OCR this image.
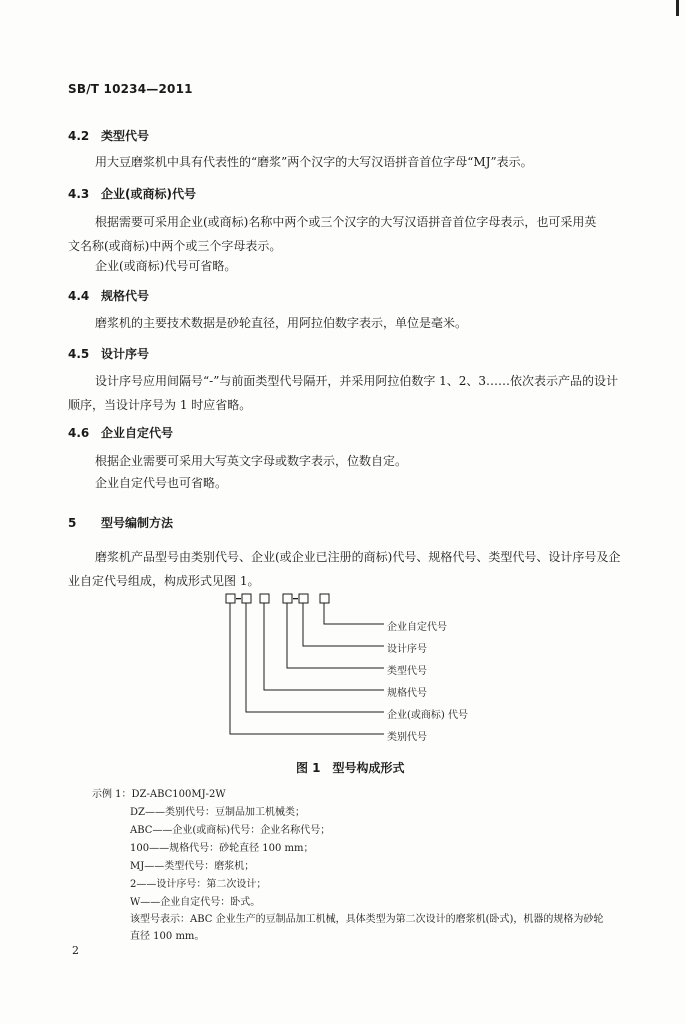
SB/T 10234—2011
4.2 类型代号
用大豆磨浆机中具有代表性的“磨浆”两个汉字的大写汉语拼音首位字母“MJ”表示。
4.3 企业(或商标)代号
根据需要可采用企业(或商标)名称中两个或三个汉字的大写汉语拼音首位字母表示，也可采用英
文名称(或商标)中两个或三个字母表示。
企业(或商标)代号可省略。
4.4 规格代号
磨浆机的主要技术数据是砂轮直径，用阿拉伯数字表示，单位是毫米。
4.5 设计序号
设计序号应用间隔号“-”与前面类型代号隔开，并采用阿拉伯数字 1、2、3……依次表示产品的设计
顺序，当设计序号为 1 时应省略。
4.6 企业自定代号
根据企业需要可采用大写英文字母或数字表示，位数自定。
企业自定代号也可省略。
5 型号编制方法
磨浆机产品型号由类别代号、企业(或企业已注册的商标)代号、规格代号、类型代号、设计序号及企
业自定代号组成，构成形式见图 1。
企业自定代号
设计序号
类型代号
规格代号
企业(或商标) 代号
类别代号
图 1　型号构成形式
示例 1：DZ-ABC100MJ-2W
DZ——类别代号：豆制品加工机械类；
ABC——企业(或商标)代号：企业名称代号；
100——规格代号：砂轮直径 100 mm；
MJ——类型代号：磨浆机；
2——设计序号：第二次设计；
W——企业自定代号：卧式。
该型号表示：ABC 企业生产的豆制品加工机械，具体类型为第二次设计的磨浆机(卧式)，机器的规格为砂轮
直径 100 mm。
2
